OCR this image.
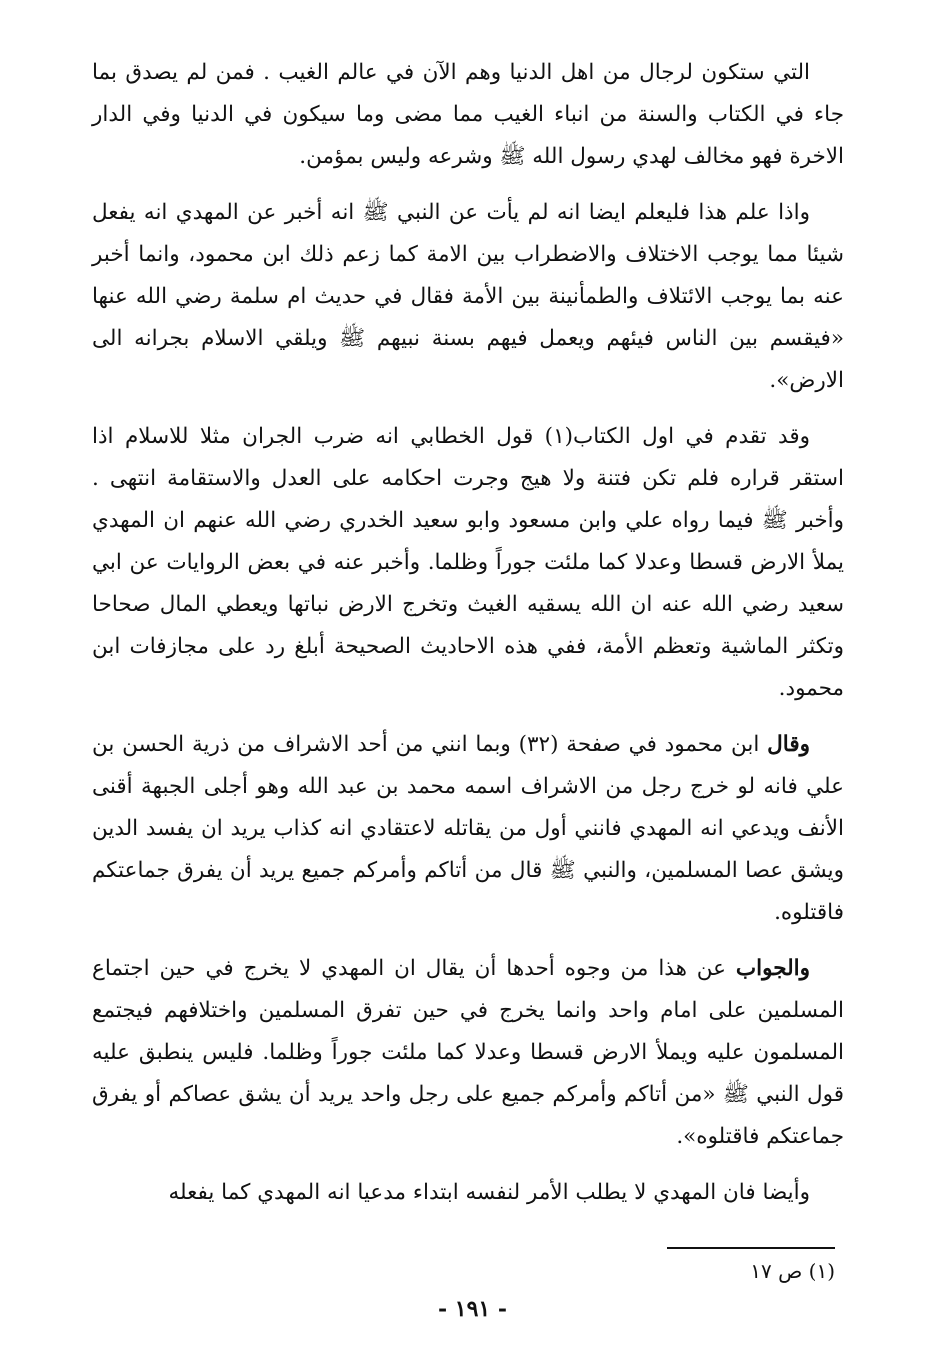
التي ستكون لرجال من اهل الدنيا وهم الآن في عالم الغيب . فمن لم يصدق بما جاء في الكتاب والسنة من انباء الغيب مما مضى وما سيكون في الدنيا وفي الدار الاخرة فهو مخالف لهدي رسول الله ﷺ وشرعه وليس بمؤمن.

واذا علم هذا فليعلم ايضا انه لم يأت عن النبي ﷺ انه أخبر عن المهدي انه يفعل شيئا مما يوجب الاختلاف والاضطراب بين الامة كما زعم ذلك ابن محمود، وانما أخبر عنه بما يوجب الائتلاف والطمأنينة بين الأمة فقال في حديث ام سلمة رضي الله عنها «فيقسم بين الناس فيئهم ويعمل فيهم بسنة نبيهم ﷺ ويلقي الاسلام بجرانه الى الارض».

وقد تقدم في اول الكتاب(١) قول الخطابي انه ضرب الجران مثلا للاسلام اذا استقر قراره فلم تكن فتنة ولا هيج وجرت احكامه على العدل والاستقامة انتهى . وأخبر ﷺ فيما رواه علي وابن مسعود وابو سعيد الخدري رضي الله عنهم ان المهدي يملأ الارض قسطا وعدلا كما ملئت جوراً وظلما. وأخبر عنه في بعض الروايات عن ابي سعيد رضي الله عنه ان الله يسقيه الغيث وتخرج الارض نباتها ويعطي المال صحاحا وتكثر الماشية وتعظم الأمة، ففي هذه الاحاديث الصحيحة أبلغ رد على مجازفات ابن محمود.

وقال ابن محمود في صفحة (٣٢) وبما انني من أحد الاشراف من ذرية الحسن بن علي فانه لو خرج رجل من الاشراف اسمه محمد بن عبد الله وهو أجلى الجبهة أقنى الأنف ويدعي انه المهدي فانني أول من يقاتله لاعتقادي انه كذاب يريد ان يفسد الدين ويشق عصا المسلمين، والنبي ﷺ قال من أتاكم وأمركم جميع يريد أن يفرق جماعتكم فاقتلوه.

والجواب عن هذا من وجوه أحدها أن يقال ان المهدي لا يخرج في حين اجتماع المسلمين على امام واحد وانما يخرج في حين تفرق المسلمين واختلافهم فيجتمع المسلمون عليه ويملأ الارض قسطا وعدلا كما ملئت جوراً وظلما. فليس ينطبق عليه قول النبي ﷺ «من أتاكم وأمركم جميع على رجل واحد يريد أن يشق عصاكم أو يفرق جماعتكم فاقتلوه».

وأيضا فان المهدي لا يطلب الأمر لنفسه ابتداء مدعيا انه المهدي كما يفعله

(١) ص ١٧
- ١٩١ -
